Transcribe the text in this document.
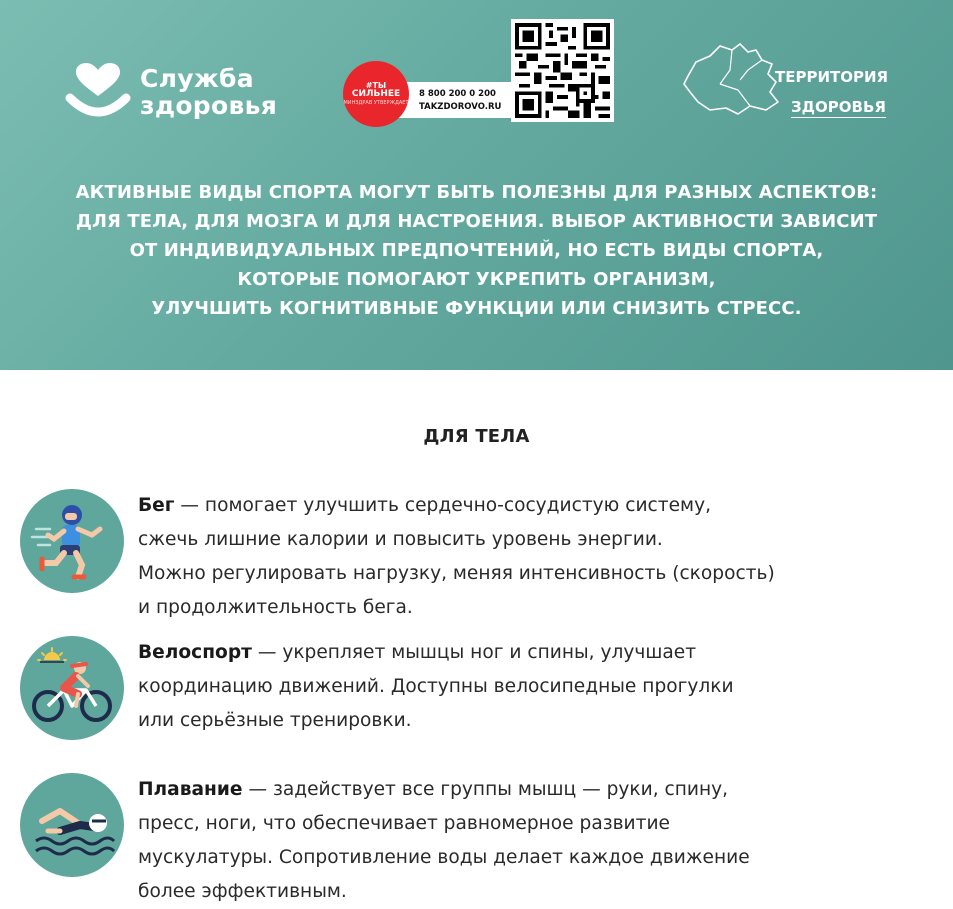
Служба
здоровья	8 800 200 0 200
TAKZDOROVO.RU
#ТЫ
СИЛЬНЕЕ
МИНЗДРАВ УТВЕРЖДАЕТ
ТЕРРИТОРИЯ
ЗДОРОВЬЯ
АКТИВНЫЕ ВИДЫ СПОРТА МОГУТ БЫТЬ ПОЛЕЗНЫ ДЛЯ РАЗНЫХ АСПЕКТОВ:
ДЛЯ ТЕЛА, ДЛЯ МОЗГА И ДЛЯ НАСТРОЕНИЯ. ВЫБОР АКТИВНОСТИ ЗАВИСИТ
ОТ ИНДИВИДУАЛЬНЫХ ПРЕДПОЧТЕНИЙ, НО ЕСТЬ ВИДЫ СПОРТА,
КОТОРЫЕ ПОМОГАЮТ УКРЕПИТЬ ОРГАНИЗМ,
УЛУЧШИТЬ КОГНИТИВНЫЕ ФУНКЦИИ ИЛИ СНИЗИТЬ СТРЕСС.
ДЛЯ ТЕЛА
Бег — помогает улучшить сердечно-сосудистую систему,
сжечь лишние калории и повысить уровень энергии.
Можно регулировать нагрузку, меняя интенсивность (скорость)
и продолжительность бега.
Велоспорт — укрепляет мышцы ног и спины, улучшает
координацию движений. Доступны велосипедные прогулки
или серьёзные тренировки.
Плавание — задействует все группы мышц — руки, спину,
пресс, ноги, что обеспечивает равномерное развитие
мускулатуры. Сопротивление воды делает каждое движение
более эффективным.
